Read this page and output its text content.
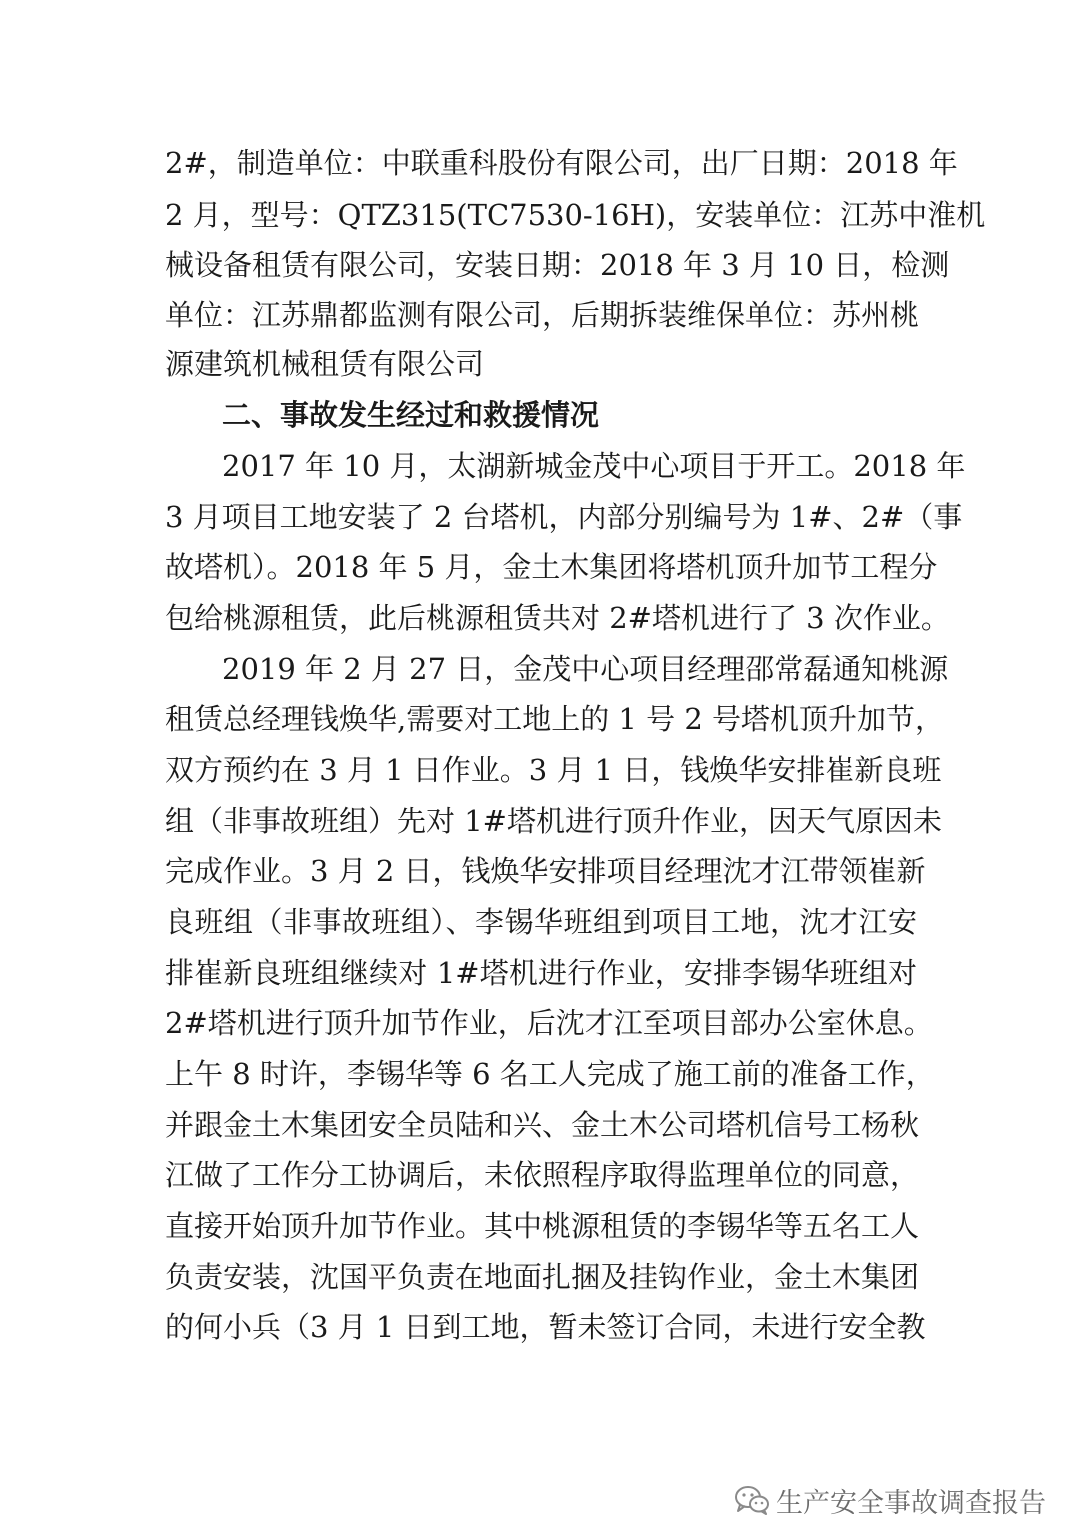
2#，制造单位：中联重科股份有限公司，出厂日期：2018 年
2 月，型号：QTZ315(TC7530-16H)，安装单位：江苏中淮机
械设备租赁有限公司，安装日期：2018 年 3 月 10 日，检测
单位：江苏鼎都监测有限公司，后期拆装维保单位：苏州桃
源建筑机械租赁有限公司
二、事故发生经过和救援情况
2017 年 10 月，太湖新城金茂中心项目于开工。2018 年
3 月项目工地安装了 2 台塔机，内部分别编号为 1#、2#（事
故塔机）。2018 年 5 月，金土木集团将塔机顶升加节工程分
包给桃源租赁，此后桃源租赁共对 2#塔机进行了 3 次作业。
2019 年 2 月 27 日，金茂中心项目经理邵常磊通知桃源
租赁总经理钱焕华,需要对工地上的 1 号 2 号塔机顶升加节，
双方预约在 3 月 1 日作业。3 月 1 日，钱焕华安排崔新良班
组（非事故班组）先对 1#塔机进行顶升作业，因天气原因未
完成作业。3 月 2 日，钱焕华安排项目经理沈才江带领崔新
良班组（非事故班组）、李锡华班组到项目工地，沈才江安
排崔新良班组继续对 1#塔机进行作业，安排李锡华班组对
2#塔机进行顶升加节作业，后沈才江至项目部办公室休息。
上午 8 时许，李锡华等 6 名工人完成了施工前的准备工作，
并跟金土木集团安全员陆和兴、金土木公司塔机信号工杨秋
江做了工作分工协调后，未依照程序取得监理单位的同意，
直接开始顶升加节作业。其中桃源租赁的李锡华等五名工人
负责安装，沈国平负责在地面扎捆及挂钩作业，金土木集团
的何小兵（3 月 1 日到工地，暂未签订合同，未进行安全教
生产安全事故调查报告
